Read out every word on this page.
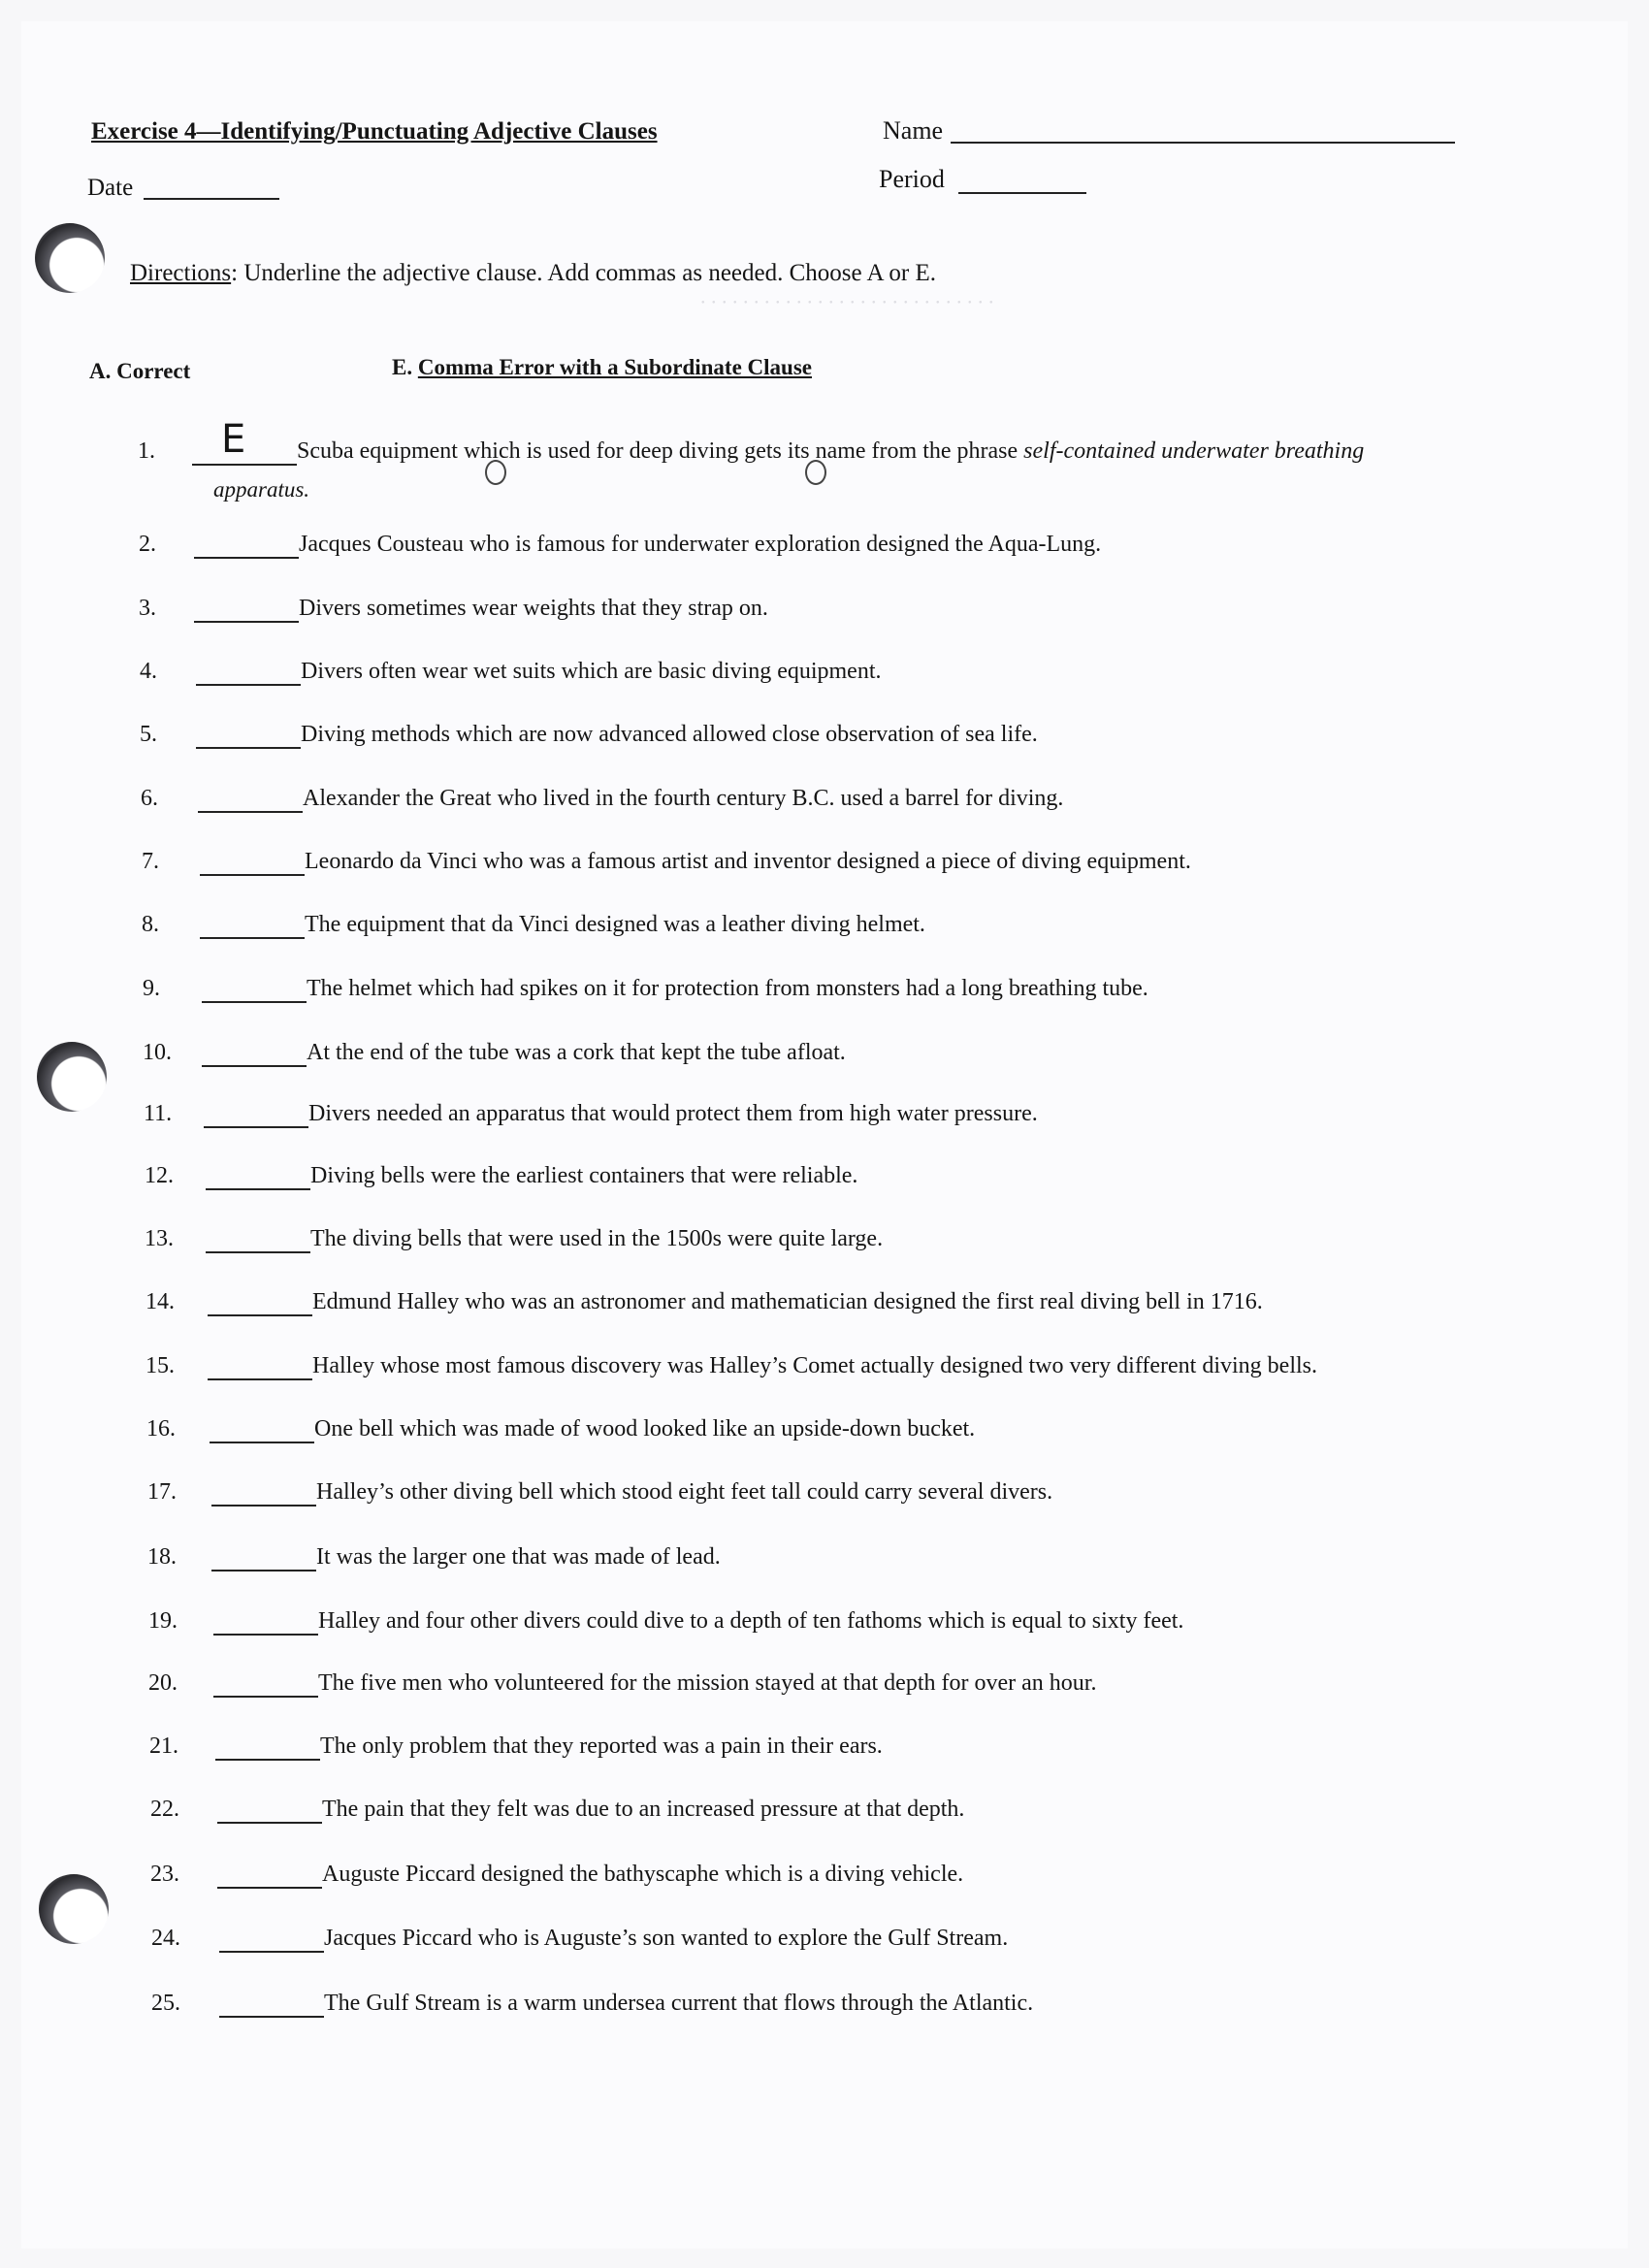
. . . . . . . . . . . . . . . . . . . . . . . . . . . .
Exercise 4—Identifying/Punctuating Adjective Clauses	Name
Date	Period
Directions: Underline the adjective clause. Add commas as needed. Choose A or E.
A. Correct	E. Comma Error with a Subordinate Clause
1.	E Scuba equipment which is used for deep diving gets its name from the phrase self-contained underwater breathing
2.	Jacques Cousteau who is famous for underwater exploration designed the Aqua-Lung.
3.	Divers sometimes wear weights that they strap on.
4.	Divers often wear wet suits which are basic diving equipment.
5.	Diving methods which are now advanced allowed close observation of sea life.
6.	Alexander the Great who lived in the fourth century B.C. used a barrel for diving.
7.	Leonardo da Vinci who was a famous artist and inventor designed a piece of diving equipment.
8.	The equipment that da Vinci designed was a leather diving helmet.
9.	The helmet which had spikes on it for protection from monsters had a long breathing tube.
10.	At the end of the tube was a cork that kept the tube afloat.
11.	Divers needed an apparatus that would protect them from high water pressure.
12.	Diving bells were the earliest containers that were reliable.
13.	The diving bells that were used in the 1500s were quite large.
14.	Edmund Halley who was an astronomer and mathematician designed the first real diving bell in 1716.
15.	Halley whose most famous discovery was Halley’s Comet actually designed two very different diving bells.
16.	One bell which was made of wood looked like an upside-down bucket.
17.	Halley’s other diving bell which stood eight feet tall could carry several divers.
18.	It was the larger one that was made of lead.
19.	Halley and four other divers could dive to a depth of ten fathoms which is equal to sixty feet.
20.	The five men who volunteered for the mission stayed at that depth for over an hour.
21.	The only problem that they reported was a pain in their ears.
22.	The pain that they felt was due to an increased pressure at that depth.
23.	Auguste Piccard designed the bathyscaphe which is a diving vehicle.
24.	Jacques Piccard who is Auguste’s son wanted to explore the Gulf Stream.
25.	The Gulf Stream is a warm undersea current that flows through the Atlantic.
apparatus.
